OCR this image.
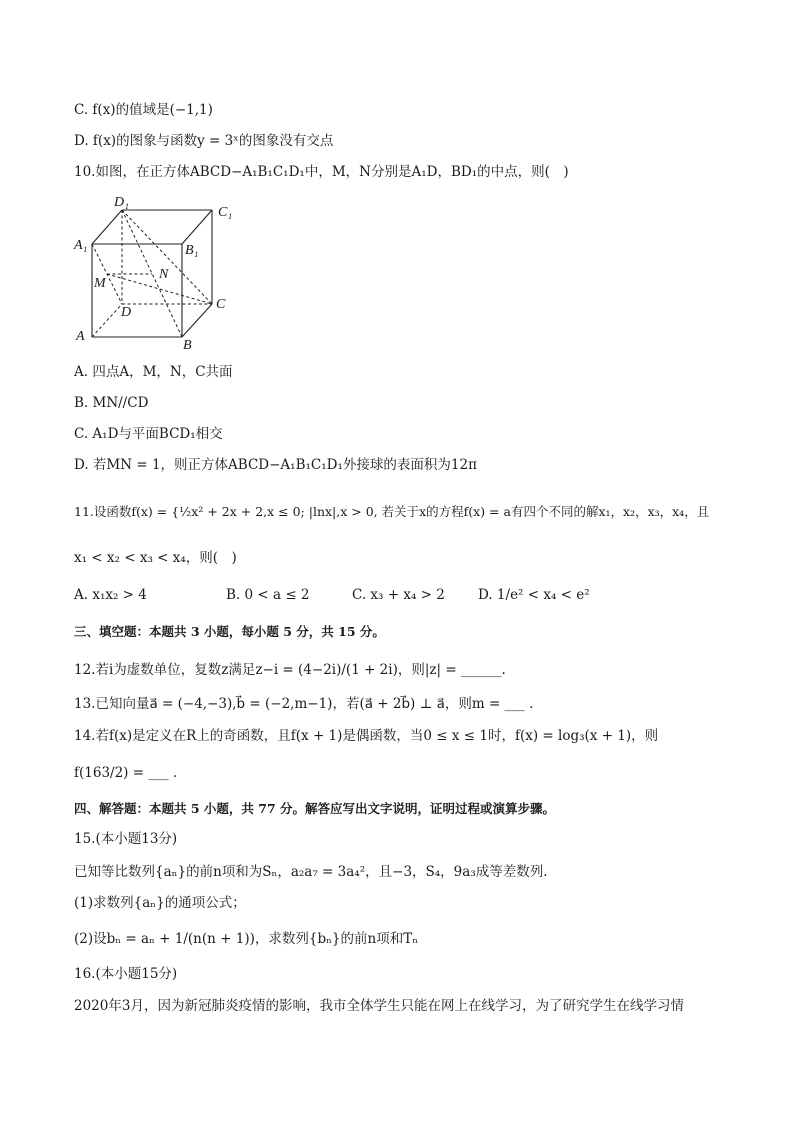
C. f(x)的值域是(−1,1)
D. f(x)的图象与函数y = 3ˣ的图象没有交点
10.如图，在正方体ABCD−A₁B₁C₁D₁中，M，N分别是A₁D，BD₁的中点，则(　)
D₁
C₁
A₁	B₁
N
M
D
C
A
B
A. 四点A，M，N，C共面
B. MN//CD
C. A₁D与平面BCD₁相交
D. 若MN = 1，则正方体ABCD−A₁B₁C₁D₁外接球的表面积为12π
11.设函数f(x) = {½x² + 2x + 2,x ≤ 0; |lnx|,x > 0, 若关于x的方程f(x) = a有四个不同的解x₁，x₂，x₃，x₄，且
x₁ < x₂ < x₃ < x₄，则(　)
A. x₁x₂ > 4	B. 0 < a ≤ 2	C. x₃ + x₄ > 2 D. 1/e² < x₄ < e²
三、填空题：本题共 3 小题，每小题 5 分，共 15 分。
12.若i为虚数单位，复数z满足z−i = (4−2i)/(1 + 2i)，则|z| = ______.
13.已知向量a⃗ = (−4,−3),b⃗ = (−2,m−1)，若(a⃗ + 2b⃗) ⊥ a⃗，则m = ___ .
14.若f(x)是定义在R上的奇函数，且f(x + 1)是偶函数，当0 ≤ x ≤ 1时，f(x) = log₃(x + 1)，则
f(163/2) = ___ .
四、解答题：本题共 5 小题，共 77 分。解答应写出文字说明，证明过程或演算步骤。
15.(本小题13分)
已知等比数列{aₙ}的前n项和为Sₙ，a₂a₇ = 3a₄²，且−3，S₄，9a₃成等差数列.
(1)求数列{aₙ}的通项公式；
(2)设bₙ = aₙ + 1/(n(n + 1))，求数列{bₙ}的前n项和Tₙ
16.(本小题15分)
2020年3月，因为新冠肺炎疫情的影响，我市全体学生只能在网上在线学习，为了研究学生在线学习情
